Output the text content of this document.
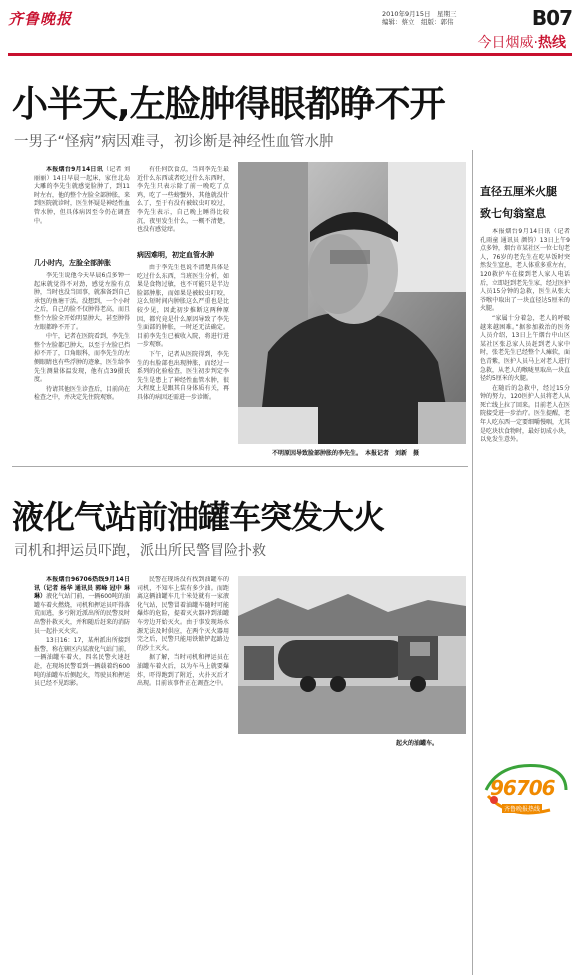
齐鲁晚报	2010年9月15日　星期三
编辑：蔡立　组版：郭伟	B07
今日烟威·热线
小半天,左脸肿得眼都睁不开
一男子“怪病”病因难寻，初诊断是神经性血管水肿

本报烟台9月14日讯（记者 刘丽丽）14日早晨一起床，家住北岛大雕的李先生就感觉脸肿了，到11时左右，他的整个左脸全部肿胀，来到医院就诊时，医生怀疑是神经性血管水肿，但具体病因至今仍在调查中。

几小时内，左脸全部肿胀

李先生说他今天早晨6点多钟一起床就觉得不对劲，感觉左脸有点肿，当时也没当回事，就准备到自己承包的鱼塘干活。没想到，一个小时之后，自己的脸不仅肿得老高，而且整个左脸全开始明显肿大，甚至肿得左眼都睁不开了。

中午，记者在医院看到，李先生整个左脸都已肿大，以至于左脸已挡掉不开了，口角眼科，而李先生的左侧眼睛也有些浮肿的迹象，医生给李先生测量体温发现，他有点39摄氏度。

待请其他医生诊查后，目前尚在检查之中，并决定先住院观察。

有任何饮食点，当问李先生最近什么东西或者吃过什么东西时，李先生只表示除了前一晚吃了点鸡，吃了一些螃蟹外，其他就没什么了，至于有没有被蚊虫叮咬过，李先生表示，自己晚上睡得比较沉，夜里发生什么，一概不清楚，也没有感觉痒。

病因难明，初定血管水肿

由于李先生也说不清楚具体是吃过什么东西，当班医生分析，如果是食物过敏，也不可能只是半边脸部肿胀，而如果是被蚊虫叮咬，这么短时间内肿胀这么严重也是比较少见，因此初步推断这两种原因，都究竟是什么原因导致了李先生面部的肿胀，一时还无法确定。目前李先生已被收入院，将进行进一步观察。

下午，记者从医院得到，李先生的右脸部也出现肿胀，而经过一系列的化验检查，医生初步判定李先生是患上了神经性血管水肿，很大程度上是跟其自身体质有关，再具体的病因还需进一步诊断。

不明原因导致脸部肿胀的李先生。　本报记者　刘新　摄
直径五厘米火腿
致七旬翁窒息

本报烟台9月14日讯（记者 孔雨童 通讯员 颜钧）13日上午9点多钟，烟台市某社区一位七旬老人，76岁的老先生在吃早饭时突然发生窒息，老人体重多重左右，120救护车在接到老人家人电话后，立即赶到老先生家，经过医护人员15分钟的急救，医生从张大爷喉中取出了一块直径达5厘米的火腿。

“家属十分着急，老人的呼吸越来越困难。”据参加救治的医务人员介绍，13日上午烟台中山区某社区张总家人员赶到老人家中时，张老先生已经整个人瘫软，面色青紫，医护人员马上对老人进行急救，从老人的喉咙里取出一块直径约5厘米的火腿。

在随后的急救中，经过15分钟的努力，120医护人员将老人从死亡线上拉了回来。目前老人在医院接受进一步治疗。医生提醒，老年人吃东西一定要细嚼慢咽，尤其是吃块状食物时，最好切成小块，以免发生意外。

96706
齐鲁晚报热线
液化气站前油罐车突发大火
司机和押运员吓跑，派出所民警冒险扑救

本报烟台96706热线9月14日讯（记者 杨华 通讯员 郭峰 冠中 琳琳）液化气站门前，一辆600吨的油罐车着火燃烧，司机和押运员吓得落荒而逃，多亏附近派出所的民警及时出警扑救灭火，并和随后赶来的消防员一起扑灭火灾。

13日16：17，某州派出所接到报警，称在辖区内某液化气站门前，一辆油罐车着火，四名民警火速赶赴，在现场民警看到一辆载着约600吨的油罐车后侧起火，驾驶员和押运员已经不见踪影。

民警在现场没有找到油罐车的司机，不知车上装有多少油。而距离这辆油罐车几十米处就有一家液化气站，民警冒着油罐车随时可能爆炸的危险，提着灭火器冲到油罐车旁边开始灭火。由于事发现场水源无法及时供应，在两个灭火器用完之后，民警只能用铁锨铲起路边的沙土灭火。

据了解，当时司机和押运员在油罐车着火后，以为车马上就要爆炸，吓得跑到了附近，火扑灭后才出现。目前该事件正在调查之中。

起火的油罐车。
